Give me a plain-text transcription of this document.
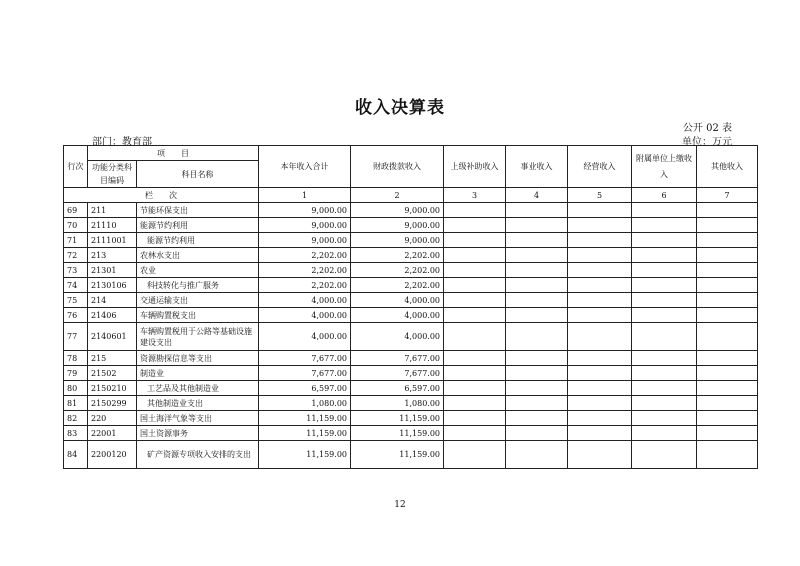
收入决算表
公开 02 表
部门：教育部	单位：万元
行次	项　　目		本年收入合计	财政拨款收入	上级补助收入	事业收入	经营收入	附属单位上缴收入	其他收入
	功能分类科目编码	科目名称							

栏　　次			1	2	3	4	5	6	7
69	211	节能环保支出	9,000.00	9,000.00					
70	21110	能源节约利用	9,000.00	9,000.00					
71	2111001	能源节约利用	9,000.00	9,000.00					
72	213	农林水支出	2,202.00	2,202.00					
73	21301	农业	2,202.00	2,202.00					
74	2130106	科技转化与推广服务	2,202.00	2,202.00					
75	214	交通运输支出	4,000.00	4,000.00					
76	21406	车辆购置税支出	4,000.00	4,000.00					
77	2140601	车辆购置税用于公路等基础设施建设支出	4,000.00	4,000.00					
78	215	资源勘探信息等支出	7,677.00	7,677.00					
79	21502	制造业	7,677.00	7,677.00					
80	2150210	工艺品及其他制造业	6,597.00	6,597.00					
81	2150299	其他制造业支出	1,080.00	1,080.00					
82	220	国土海洋气象等支出	11,159.00	11,159.00					
83	22001	国土资源事务	11,159.00	11,159.00					
84	2200120	矿产资源专项收入安排的支出	11,159.00	11,159.00					
12
